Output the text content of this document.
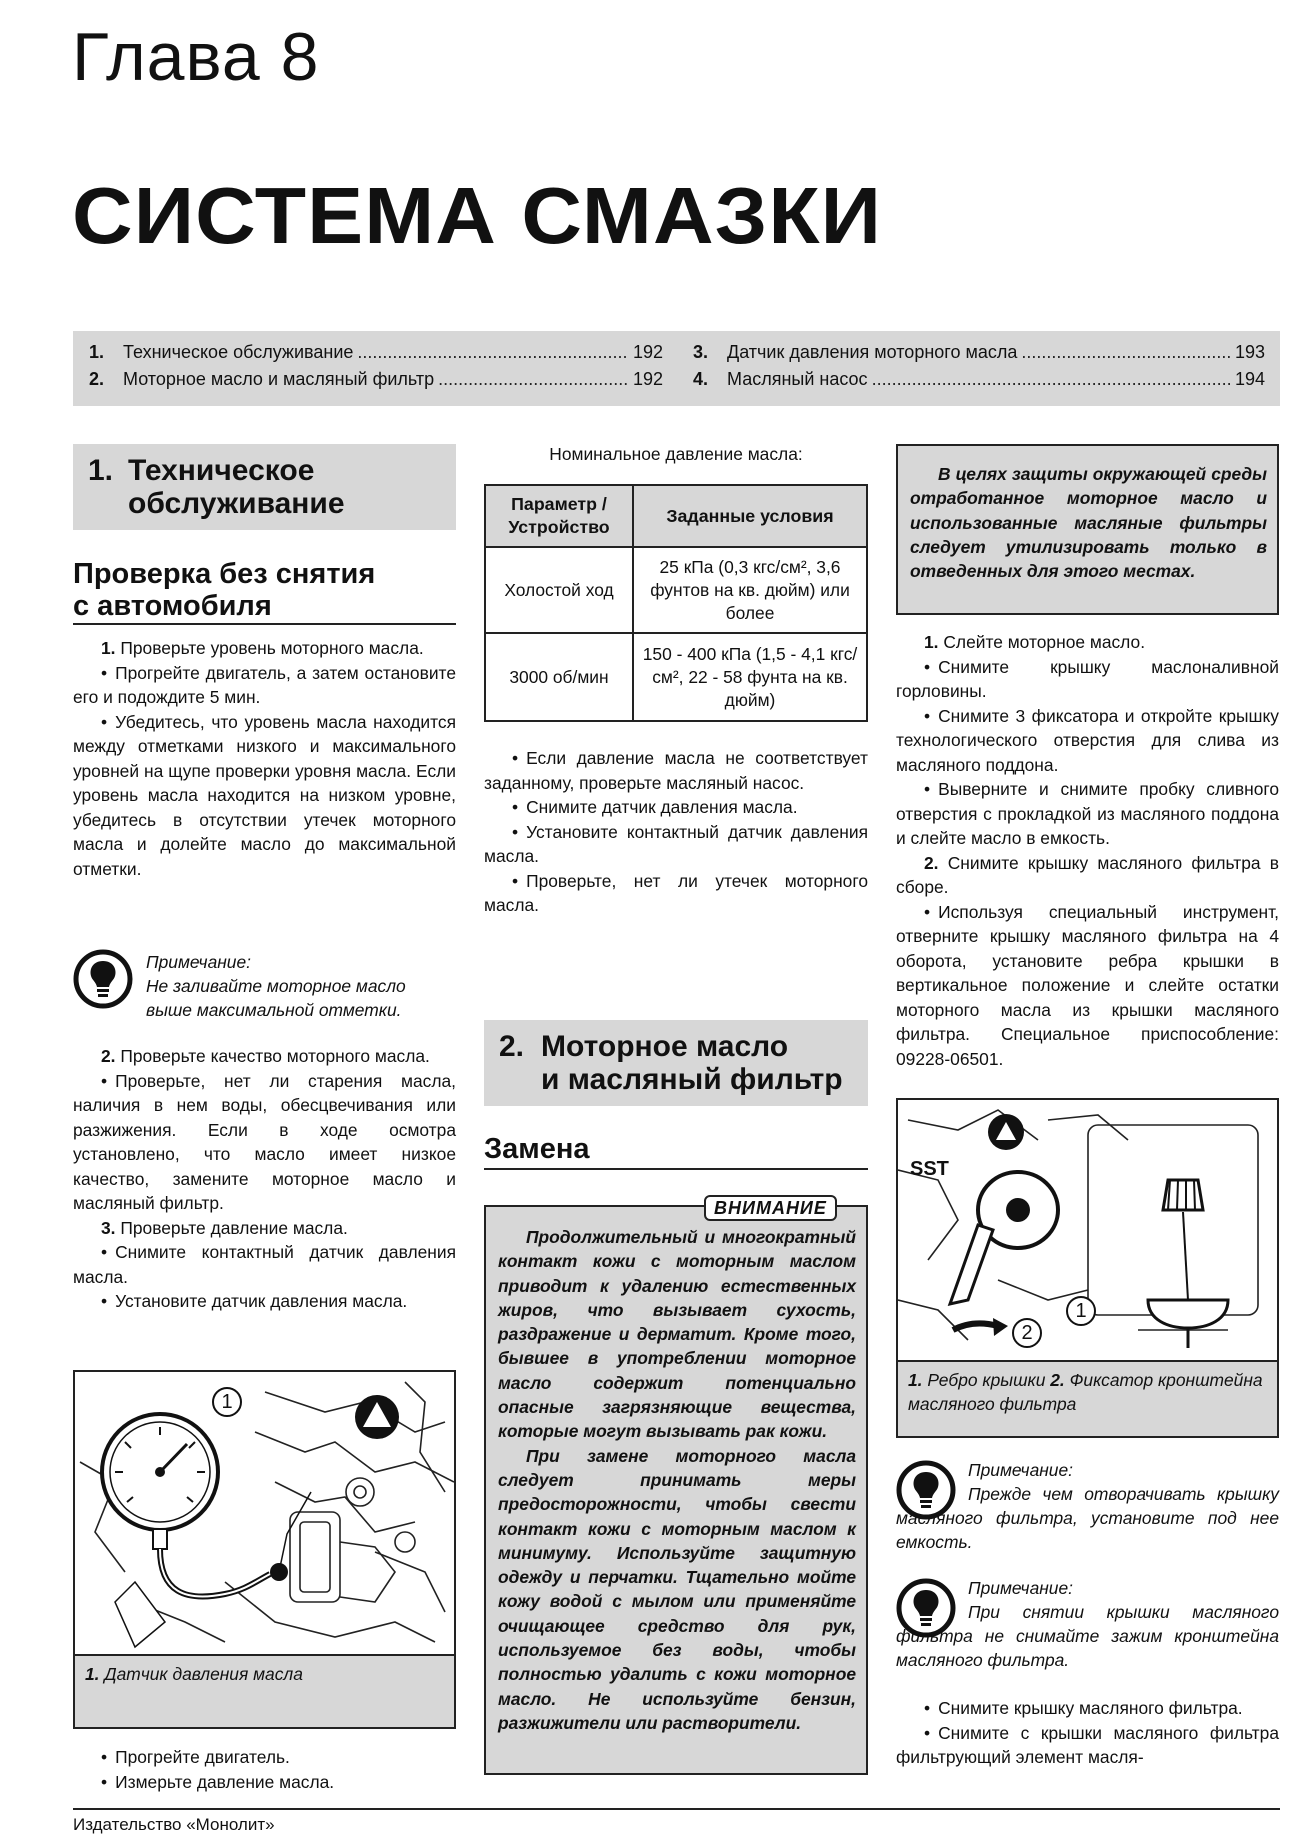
Глава 8
СИСТЕМА СМАЗКИ
1.	Техническое обслуживание .....	192
2.	Моторное масло и масляный фильтр .....	192
3.	Датчик давления моторного масла .....	193
4.	Масляный насос .....	194
1. Техническое
обслуживание
Проверка без снятия
с автомобиля

1. Проверьте уровень моторного масла.

• Прогрейте двигатель, а затем остановите его и подождите 5 мин.

• Убедитесь, что уровень масла находится между отметками низкого и максимального уровней на щупе проверки уровня масла. Если уровень масла находится на низком уровне, убедитесь в отсутствии утечек моторного масла и долейте масло до максимальной отметки.

Примечание:
Не заливайте моторное масло выше максимальной отметки.

2. Проверьте качество моторного масла.

• Проверьте, нет ли старения масла, наличия в нем воды, обесцвечивания или разжижения. Если в ходе осмотра установлено, что масло имеет низкое качество, замените моторное масло и масляный фильтр.

3. Проверьте давление масла.

• Снимите контактный датчик давления масла.

• Установите датчик давления масла.

1
1. Датчик давления масла

• Прогрейте двигатель.

• Измерьте давление масла.

Номинальное давление масла:
Параметр / Устройство	Заданные условия
Холостой ход	25 кПа (0,3 кгс/см², 3,6 фунтов на кв. дюйм) или более
3000 об/мин	150 - 400 кПа (1,5 - 4,1 кгс/см², 22 - 58 фунта на кв. дюйм)

• Если давление масла не соответствует заданному, проверьте масляный насос.

• Снимите датчик давления масла.

• Установите контактный датчик давления масла.

• Проверьте, нет ли утечек моторного масла.

2. Моторное масло
и масляный фильтр
Замена
ВНИМАНИЕ

Продолжительный и многократный контакт кожи с моторным маслом приводит к удалению естественных жиров, что вызывает сухость, раздражение и дерматит. Кроме того, бывшее в употреблении моторное масло содержит потенциально опасные загрязняющие вещества, которые могут вызывать рак кожи.

При замене моторного масла следует принимать меры предосторожности, чтобы свести контакт кожи с моторным маслом к минимуму. Используйте защитную одежду и перчатки. Тщательно мойте кожу водой с мылом или применяйте очищающее средство для рук, используемое без воды, чтобы полностью удалить с кожи моторное масло. Не используйте бензин, разжижители или растворители.

В целях защиты окружающей среды отработанное моторное масло и использованные масляные фильтры следует утилизировать только в отведенных для этого местах.

1. Слейте моторное масло.

• Снимите крышку маслоналивной горловины.

• Снимите 3 фиксатора и откройте крышку технологического отверстия для слива из масляного поддона.

• Выверните и снимите пробку сливного отверстия с прокладкой из масляного поддона и слейте масло в емкость.

2. Снимите крышку масляного фильтра в сборе.

• Используя специальный инструмент, отверните крышку масляного фильтра на 4 оборота, установите ребра крышки в вертикальное положение и слейте остатки моторного масла из крышки масляного фильтра. Специальное приспособление: 09228-06501.

SST
1
2
1. Ребро крышки 2. Фиксатор кронштейна масляного фильтра
Примечание:
Прежде чем отворачивать крышку масляного фильтра, установите под нее емкость.
Примечание:
При снятии крышки масляного фильтра не снимайте зажим кронштейна масляного фильтра.

• Снимите крышку масляного фильтра.

• Снимите с крышки масляного фильтра фильтрующий элемент масля-

Издательство «Монолит»
